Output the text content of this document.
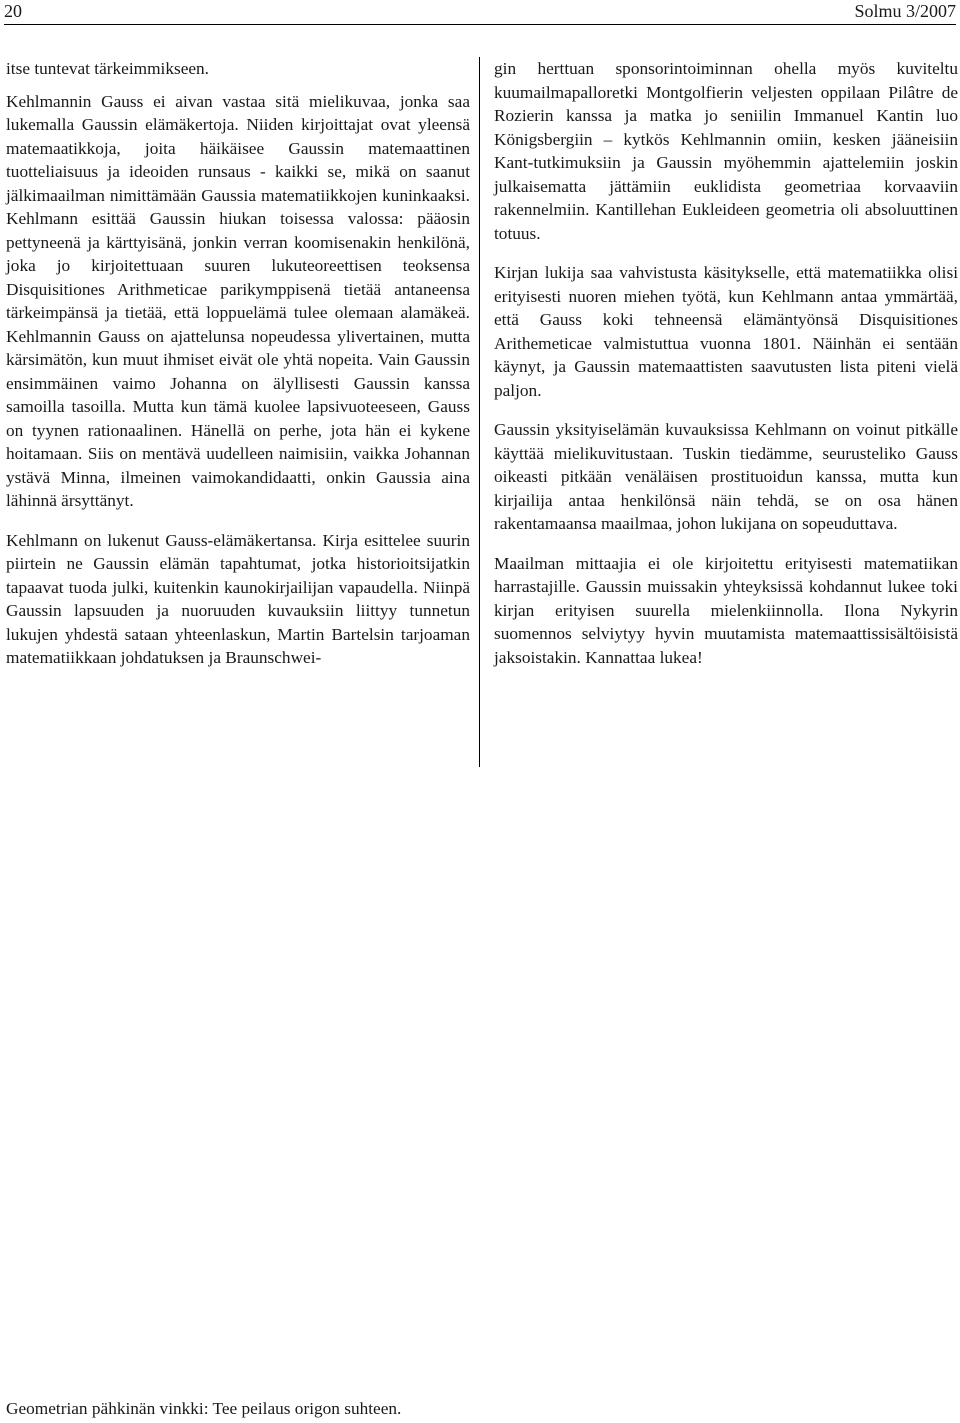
20	Solmu 3/2007

itse tuntevat tärkeimmikseen.

Kehlmannin Gauss ei aivan vastaa sitä mielikuvaa, jonka saa lukemalla Gaussin elämäkertoja. Niiden kirjoittajat ovat yleensä matemaatikkoja, joita häikäisee Gaussin matemaattinen tuotteliaisuus ja ideoiden runsaus - kaikki se, mikä on saanut jälkimaailman nimittämään Gaussia matematiikkojen kuninkaaksi. Kehlmann esittää Gaussin hiukan toisessa valossa: pääosin pettyneenä ja kärttyisänä, jonkin verran koomisenakin henkilönä, joka jo kirjoitettuaan suuren lukuteoreettisen teoksensa Disquisitiones Arithmeticae parikymppisenä tietää antaneensa tärkeimpänsä ja tietää, että loppuelämä tulee olemaan alamäkeä. Kehlmannin Gauss on ajattelunsa nopeudessa ylivertainen, mutta kärsimätön, kun muut ihmiset eivät ole yhtä nopeita. Vain Gaussin ensimmäinen vaimo Johanna on älyllisesti Gaussin kanssa samoilla tasoilla. Mutta kun tämä kuolee lapsivuoteeseen, Gauss on tyynen rationaalinen. Hänellä on perhe, jota hän ei kykene hoitamaan. Siis on mentävä uudelleen naimisiin, vaikka Johannan ystävä Minna, ilmeinen vaimokandidaatti, onkin Gaussia aina lähinnä ärsyttänyt.

Kehlmann on lukenut Gauss-elämäkertansa. Kirja esittelee suurin piirtein ne Gaussin elämän tapahtumat, jotka historioitsijatkin tapaavat tuoda julki, kuitenkin kaunokirjailijan vapaudella. Niinpä Gaussin lapsuuden ja nuoruuden kuvauksiin liittyy tunnetun lukujen yhdestä sataan yhteenlaskun, Martin Bartelsin tarjoaman matematiikkaan johdatuksen ja Braunschwei-

gin herttuan sponsorintoiminnan ohella myös kuviteltu kuumailmapalloretki Montgolfierin veljesten oppilaan Pilâtre de Rozierin kanssa ja matka jo seniilin Immanuel Kantin luo Königsbergiin – kytkös Kehlmannin omiin, kesken jääneisiin Kant-tutkimuksiin ja Gaussin myöhemmin ajattelemiin joskin julkaisematta jättämiin euklidista geometriaa korvaaviin rakennelmiin. Kantillehan Eukleideen geometria oli absoluuttinen totuus.

Kirjan lukija saa vahvistusta käsitykselle, että matematiikka olisi erityisesti nuoren miehen työtä, kun Kehlmann antaa ymmärtää, että Gauss koki tehneensä elämäntyönsä Disquisitiones Arithemeticae valmistuttua vuonna 1801. Näinhän ei sentään käynyt, ja Gaussin matemaattisten saavutusten lista piteni vielä paljon.

Gaussin yksityiselämän kuvauksissa Kehlmann on voinut pitkälle käyttää mielikuvitustaan. Tuskin tiedämme, seurusteliko Gauss oikeasti pitkään venäläisen prostituoidun kanssa, mutta kun kirjailija antaa henkilönsä näin tehdä, se on osa hänen rakentamaansa maailmaa, johon lukijana on sopeuduttava.

Maailman mittaajia ei ole kirjoitettu erityisesti matematiikan harrastajille. Gaussin muissakin yhteyksissä kohdannut lukee toki kirjan erityisen suurella mielenkiinnolla. Ilona Nykyrin suomennos selviytyy hyvin muutamista matemaattissisältöisistä jaksoistakin. Kannattaa lukea!

Geometrian pähkinän vinkki: Tee peilaus origon suhteen.
